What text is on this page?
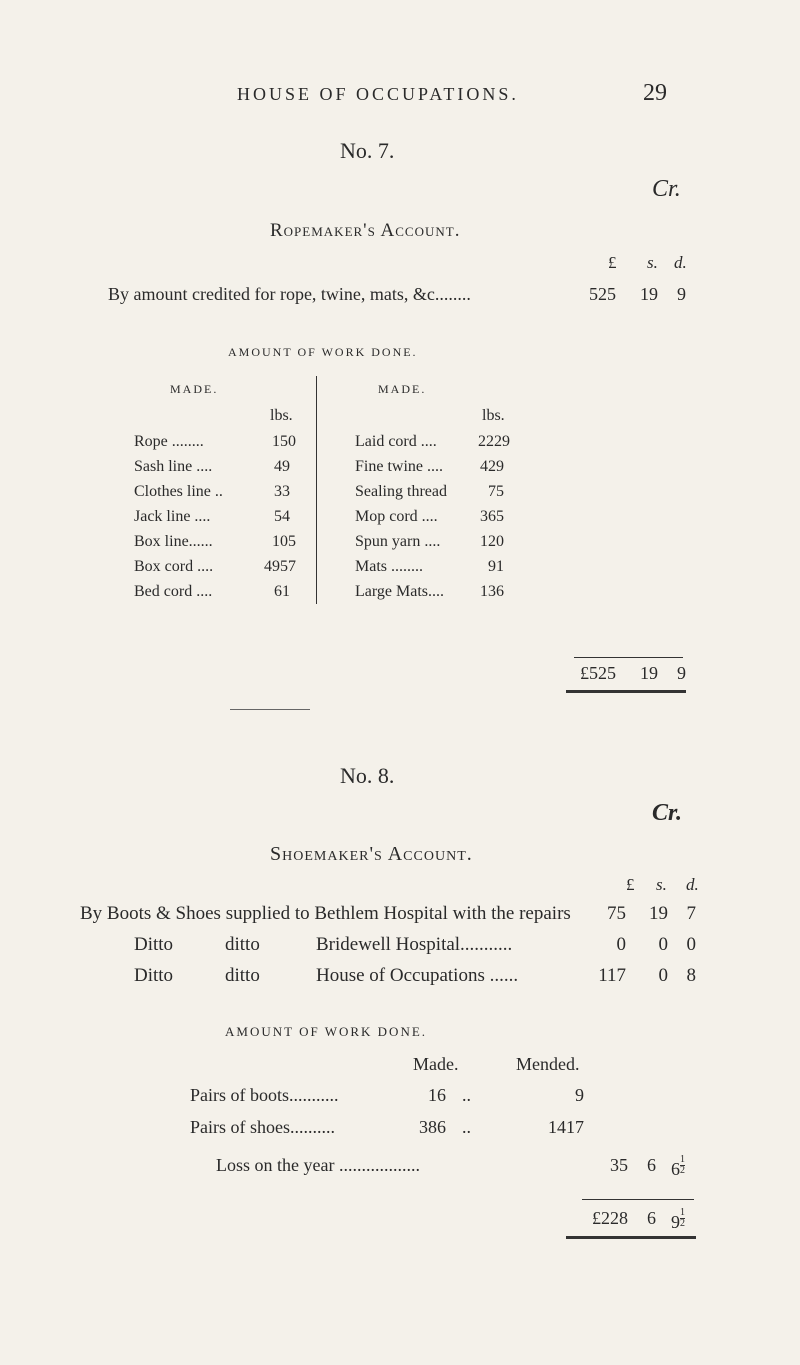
HOUSE OF OCCUPATIONS.	29
No. 7.
Cr.
Ropemaker's Account.
£ s. d.
By amount credited for rope, twine, mats, &c........	525	19	9
AMOUNT OF WORK DONE.
MADE.
lbs.
Rope ........	150
Sash line ....	49
Clothes line ..	33
Jack line ....	54
Box line......	105
Box cord ....	4957
Bed cord ....	61
MADE.
lbs.
Laid cord ....	2229
Fine twine ....	429
Sealing thread	75
Mop cord ....	365
Spun yarn ....	120
Mats ........	91
Large Mats....	136
£525	19	9
No. 8.
Cr.
Shoemaker's Account.
£ s. d.
By Boots & Shoes supplied to Bethlem Hospital with the repairs	75	19 7
Ditto	ditto	Bridewell Hospital...........	0	0 0
Ditto	ditto	House of Occupations ......	117	0 8
AMOUNT OF WORK DONE.
Made.	Mended.
Pairs of boots...........	16 ..	9
Pairs of shoes..........	386 ..	1417
Loss on the year ..................	35	6 $6 \frac{1}{2}$
£228	6 $9 \frac{1}{2}$
